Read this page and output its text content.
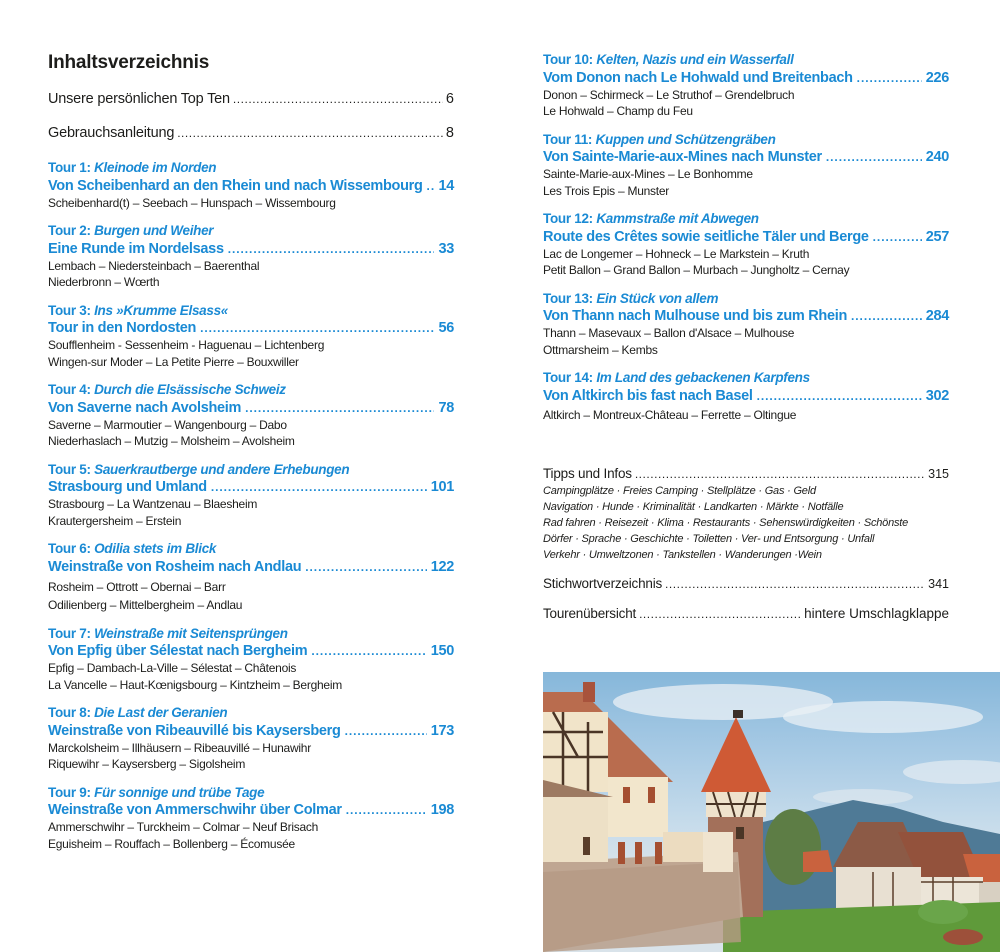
Inhaltsverzeichnis
Unsere persönlichen Top Ten . . .	6
Gebrauchsanleitung . . .	8
Tour 1: Kleinode im Norden
Von Scheibenhard an den Rhein und nach Wissembourg . . . 14
Scheibenhard(t) – Seebach – Hunspach – Wissembourg
Tour 2: Burgen und Weiher
Eine Runde im Nordelsass . . .	33
Lembach – Niedersteinbach – Baerenthal
Niederbronn – Wœrth
Tour 3: Ins »Krumme Elsass«
Tour in den Nordosten . . .	56
Soufflenheim - Sessenheim - Haguenau – Lichtenberg
Wingen-sur Moder – La Petite Pierre – Bouxwiller
Tour 4: Durch die Elsässische Schweiz
Von Saverne nach Avolsheim . . .	78
Saverne – Marmoutier – Wangenbourg – Dabo
Niederhaslach – Mutzig – Molsheim – Avolsheim
Tour 5: Sauerkrautberge und andere Erhebungen
Strasbourg und Umland . . .	101
Strasbourg – La Wantzenau – Blaesheim
Krautergersheim – Erstein
Tour 6: Odilia stets im Blick
Weinstraße von Rosheim nach Andlau . . .	122
Rosheim – Ottrott – Obernai – Barr
Odilienberg – Mittelbergheim – Andlau
Tour 7: Weinstraße mit Seitensprüngen
Von Epfig über Sélestat nach Bergheim . . .	150
Epfig – Dambach-La-Ville – Sélestat – Châtenois
La Vancelle – Haut-Kœnigsbourg – Kintzheim – Bergheim
Tour 8: Die Last der Geranien
Weinstraße von Ribeauvillé bis Kaysersberg . . .	173
Marckolsheim – Illhäusern – Ribeauvillé – Hunawihr
Riquewihr – Kaysersberg – Sigolsheim
Tour 9: Für sonnige und trübe Tage
Weinstraße von Ammerschwihr über Colmar . . .	198
Ammerschwihr – Turckheim – Colmar – Neuf Brisach
Eguisheim – Rouffach – Bollenberg – Écomusée
Tour 10: Kelten, Nazis und ein Wasserfall
Vom Donon nach Le Hohwald und Breitenbach . . .	226
Donon – Schirmeck – Le Struthof – Grendelbruch
Le Hohwald – Champ du Feu
Tour 11: Kuppen und Schützengräben
Von Sainte-Marie-aux-Mines nach Munster . . .	240
Sainte-Marie-aux-Mines – Le Bonhomme
Les Trois Epis – Munster
Tour 12: Kammstraße mit Abwegen
Route des Crêtes sowie seitliche Täler und Berge . . .	257
Lac de Longemer – Hohneck – Le Markstein – Kruth
Petit Ballon – Grand Ballon – Murbach – Jungholtz – Cernay
Tour 13: Ein Stück von allem
Von Thann nach Mulhouse und bis zum Rhein . . .	284
Thann – Masevaux – Ballon d'Alsace – Mulhouse
Ottmarsheim – Kembs
Tour 14: Im Land des gebackenen Karpfens
Von Altkirch bis fast nach Basel . . .	302
Altkirch – Montreux-Château – Ferrette – Oltingue
Tipps und Infos . . .	315
Campingplätze · Freies Camping · Stellplätze · Gas · Geld
Navigation · Hunde · Kriminalität · Landkarten · Märkte · Notfälle
Rad fahren · Reisezeit · Klima · Restaurants · Sehenswürdigkeiten · Schönste
Dörfer · Sprache · Geschichte · Toiletten · Ver- und Entsorgung · Unfall
Verkehr · Umweltzonen · Tankstellen · Wanderungen ·Wein
Stichwortverzeichnis . . .	341
Tourenübersicht . . .	hintere Umschlagklappe
